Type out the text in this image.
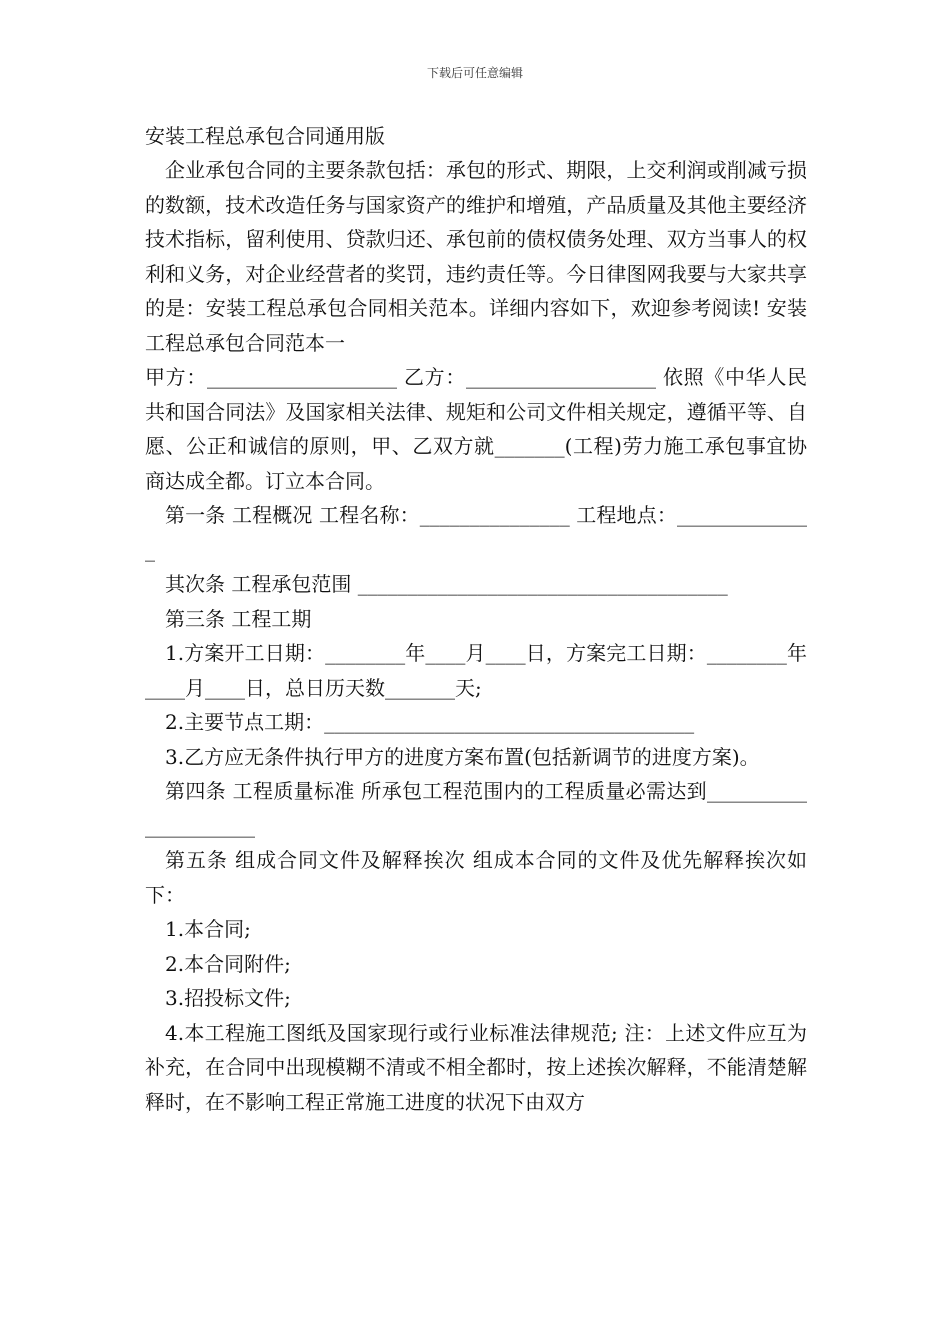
下载后可任意编辑

安装工程总承包合同通用版

企业承包合同的主要条款包括：承包的形式、期限，上交利润或削减亏损的数额，技术改造任务与国家资产的维护和增殖，产品质量及其他主要经济技术指标，留利使用、贷款归还、承包前的债权债务处理、双方当事人的权利和义务，对企业经营者的奖罚，违约责任等。今日律图网我要与大家共享的是：安装工程总承包合同相关范本。详细内容如下，欢迎参考阅读! 安装工程总承包合同范本一

甲方：___________________ 乙方：___________________ 依照《中华人民共和国合同法》及国家相关法律、规矩和公司文件相关规定，遵循平等、自愿、公正和诚信的原则，甲、乙双方就_______(工程)劳力施工承包事宜协商达成全都。订立本合同。

第一条 工程概况 工程名称：_______________ 工程地点：______________

其次条 工程承包范围 _____________________________________

第三条 工程工期

1.方案开工日期：________年____月____日，方案完工日期：________年____月____日，总日历天数_______天;

2.主要节点工期：_____________________________________

3.乙方应无条件执行甲方的进度方案布置(包括新调节的进度方案)。

第四条 工程质量标准 所承包工程范围内的工程质量必需达到_____________________

第五条 组成合同文件及解释挨次 组成本合同的文件及优先解释挨次如下：

1.本合同;

2.本合同附件;

3.招投标文件;

4.本工程施工图纸及国家现行或行业标准法律规范; 注：上述文件应互为补充，在合同中出现模糊不清或不相全都时，按上述挨次解释，不能清楚解释时，在不影响工程正常施工进度的状况下由双方
